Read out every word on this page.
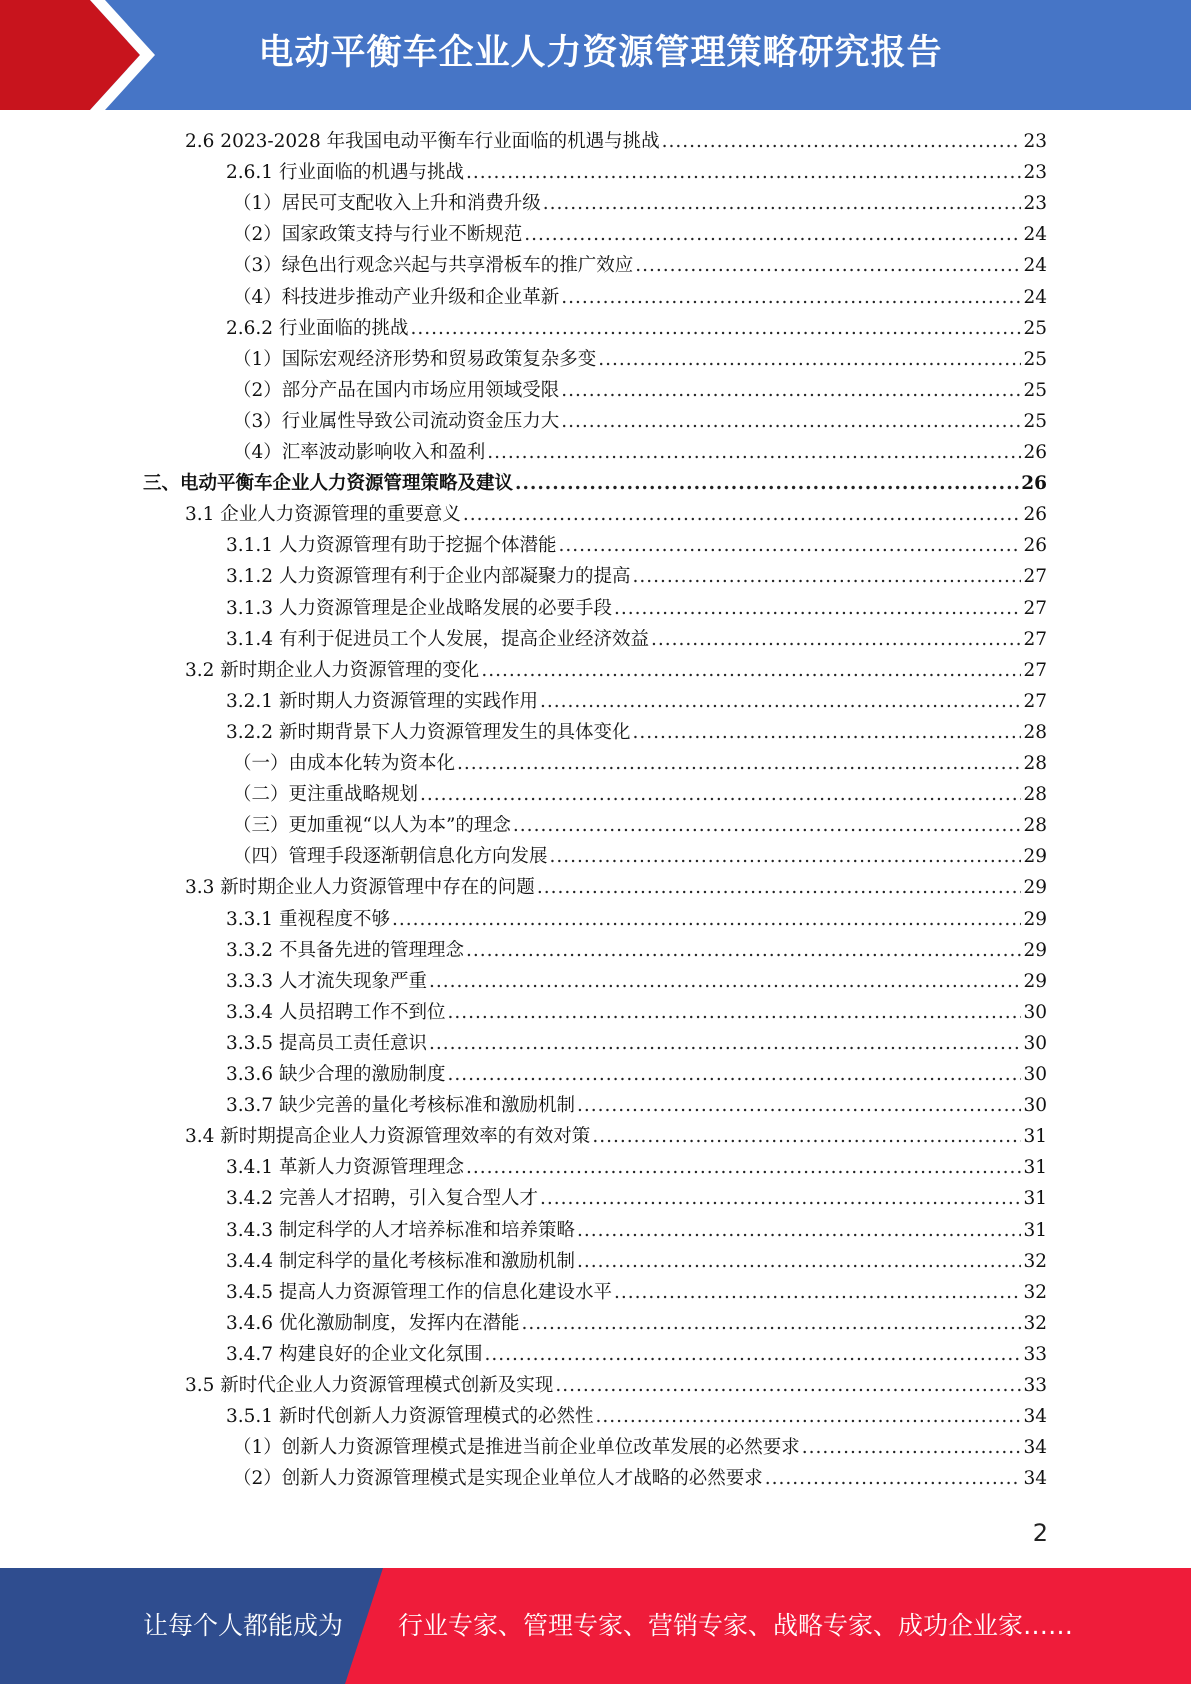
电动平衡车企业人力资源管理策略研究报告
2.6 2023-2028 年我国电动平衡车行业面临的机遇与挑战 .....	23
2.6.1 行业面临的机遇与挑战 .....	23
（1）居民可支配收入上升和消费升级 .....	23
（2）国家政策支持与行业不断规范 .....	24
（3）绿色出行观念兴起与共享滑板车的推广效应 .....	24
（4）科技进步推动产业升级和企业革新 .....	24
2.6.2 行业面临的挑战 .....	25
（1）国际宏观经济形势和贸易政策复杂多变 .....	25
（2）部分产品在国内市场应用领域受限 .....	25
（3）行业属性导致公司流动资金压力大 .....	25
（4）汇率波动影响收入和盈利 .....	26
三、电动平衡车企业人力资源管理策略及建议 .....	26
3.1 企业人力资源管理的重要意义 .....	26
3.1.1 人力资源管理有助于挖掘个体潜能 .....	26
3.1.2 人力资源管理有利于企业内部凝聚力的提高 .....	27
3.1.3 人力资源管理是企业战略发展的必要手段 .....	27
3.1.4 有利于促进员工个人发展，提高企业经济效益 .....	27
3.2 新时期企业人力资源管理的变化 .....	27
3.2.1 新时期人力资源管理的实践作用 .....	27
3.2.2 新时期背景下人力资源管理发生的具体变化 .....	28
（一）由成本化转为资本化 .....	28
（二）更注重战略规划 .....	28
（三）更加重视“以人为本”的理念 .....	28
（四）管理手段逐渐朝信息化方向发展 .....	29
3.3 新时期企业人力资源管理中存在的问题 .....	29
3.3.1 重视程度不够 .....	29
3.3.2 不具备先进的管理理念 .....	29
3.3.3 人才流失现象严重 .....	29
3.3.4 人员招聘工作不到位 .....	30
3.3.5 提高员工责任意识 .....	30
3.3.6 缺少合理的激励制度 .....	30
3.3.7 缺少完善的量化考核标准和激励机制 .....	30
3.4 新时期提高企业人力资源管理效率的有效对策 .....	31
3.4.1 革新人力资源管理理念 .....	31
3.4.2 完善人才招聘，引入复合型人才 .....	31
3.4.3 制定科学的人才培养标准和培养策略 .....	31
3.4.4 制定科学的量化考核标准和激励机制 .....	32
3.4.5 提高人力资源管理工作的信息化建设水平 .....	32
3.4.6 优化激励制度，发挥内在潜能 .....	32
3.4.7 构建良好的企业文化氛围 .....	33
3.5 新时代企业人力资源管理模式创新及实现 .....	33
3.5.1 新时代创新人力资源管理模式的必然性 .....	34
（1）创新人力资源管理模式是推进当前企业单位改革发展的必然要求 .....	34
（2）创新人力资源管理模式是实现企业单位人才战略的必然要求 .....	34
2
让每个人都能成为 行业专家、管理专家、营销专家、战略专家、成功企业家……
